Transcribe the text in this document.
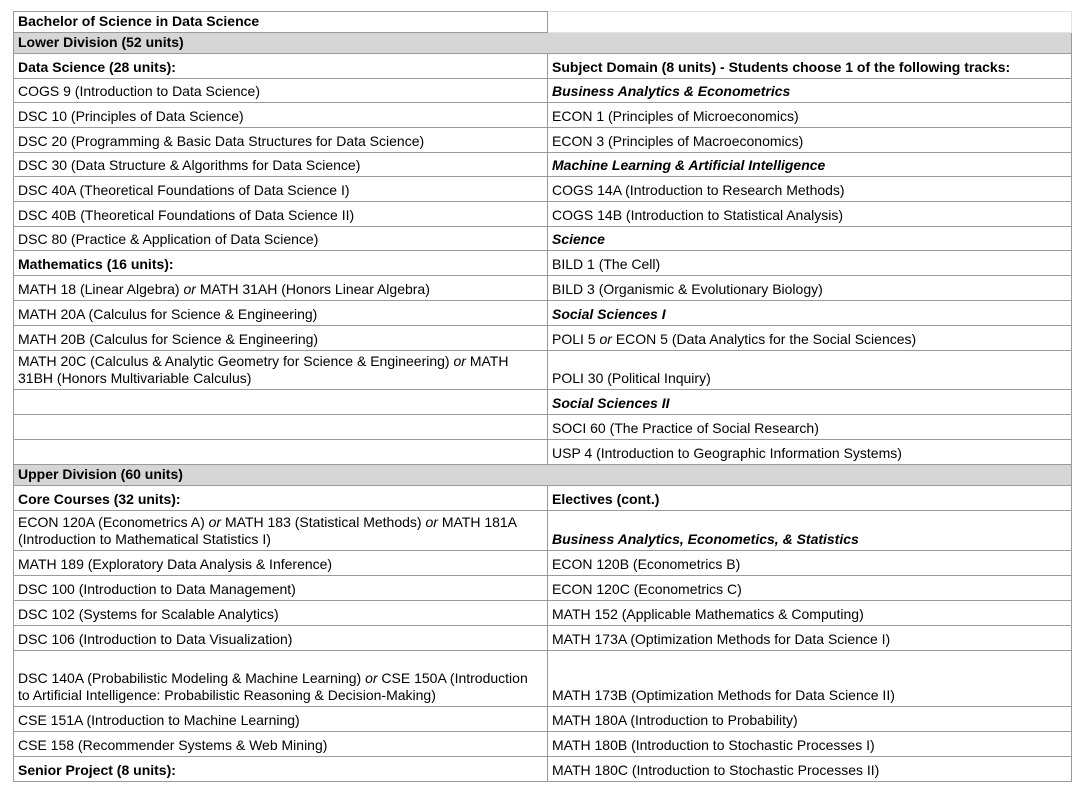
Bachelor of Science in Data Science	
Lower Division (52 units)	
Data Science (28 units):	Subject Domain (8 units) - Students choose 1 of the following tracks:
COGS 9 (Introduction to Data Science)	Business Analytics & Econometrics
DSC 10 (Principles of Data Science)	ECON 1 (Principles of Microeconomics)
DSC 20 (Programming & Basic Data Structures for Data Science)	ECON 3 (Principles of Macroeconomics)
DSC 30 (Data Structure & Algorithms for Data Science)	Machine Learning & Artificial Intelligence
DSC 40A (Theoretical Foundations of Data Science I)	COGS 14A (Introduction to Research Methods)
DSC 40B (Theoretical Foundations of Data Science II)	COGS 14B (Introduction to Statistical Analysis)
DSC 80 (Practice & Application of Data Science)	Science
Mathematics (16 units):	BILD 1 (The Cell)
MATH 18 (Linear Algebra) or MATH 31AH (Honors Linear Algebra)	BILD 3 (Organismic & Evolutionary Biology)
MATH 20A (Calculus for Science & Engineering)	Social Sciences I
MATH 20B (Calculus for Science & Engineering)	POLI 5 or ECON 5 (Data Analytics for the Social Sciences)
MATH 20C (Calculus & Analytic Geometry for Science & Engineering) or MATH 31BH (Honors Multivariable Calculus)	POLI 30 (Political Inquiry)
	Social Sciences II
	SOCI 60 (The Practice of Social Research)
	USP 4 (Introduction to Geographic Information Systems)
Upper Division (60 units)	
Core Courses (32 units):	Electives (cont.)
ECON 120A (Econometrics A) or MATH 183 (Statistical Methods) or MATH 181A (Introduction to Mathematical Statistics I)	Business Analytics, Econometics, & Statistics
MATH 189 (Exploratory Data Analysis & Inference)	ECON 120B (Econometrics B)
DSC 100 (Introduction to Data Management)	ECON 120C (Econometrics C)
DSC 102 (Systems for Scalable Analytics)	MATH 152 (Applicable Mathematics & Computing)
DSC 106 (Introduction to Data Visualization)	MATH 173A (Optimization Methods for Data Science I)
DSC 140A (Probabilistic Modeling & Machine Learning) or CSE 150A (Introduction to Artificial Intelligence: Probabilistic Reasoning & Decision-Making)	MATH 173B (Optimization Methods for Data Science II)
CSE 151A (Introduction to Machine Learning)	MATH 180A (Introduction to Probability)
CSE 158 (Recommender Systems & Web Mining)	MATH 180B (Introduction to Stochastic Processes I)
Senior Project (8 units):	MATH 180C (Introduction to Stochastic Processes II)
